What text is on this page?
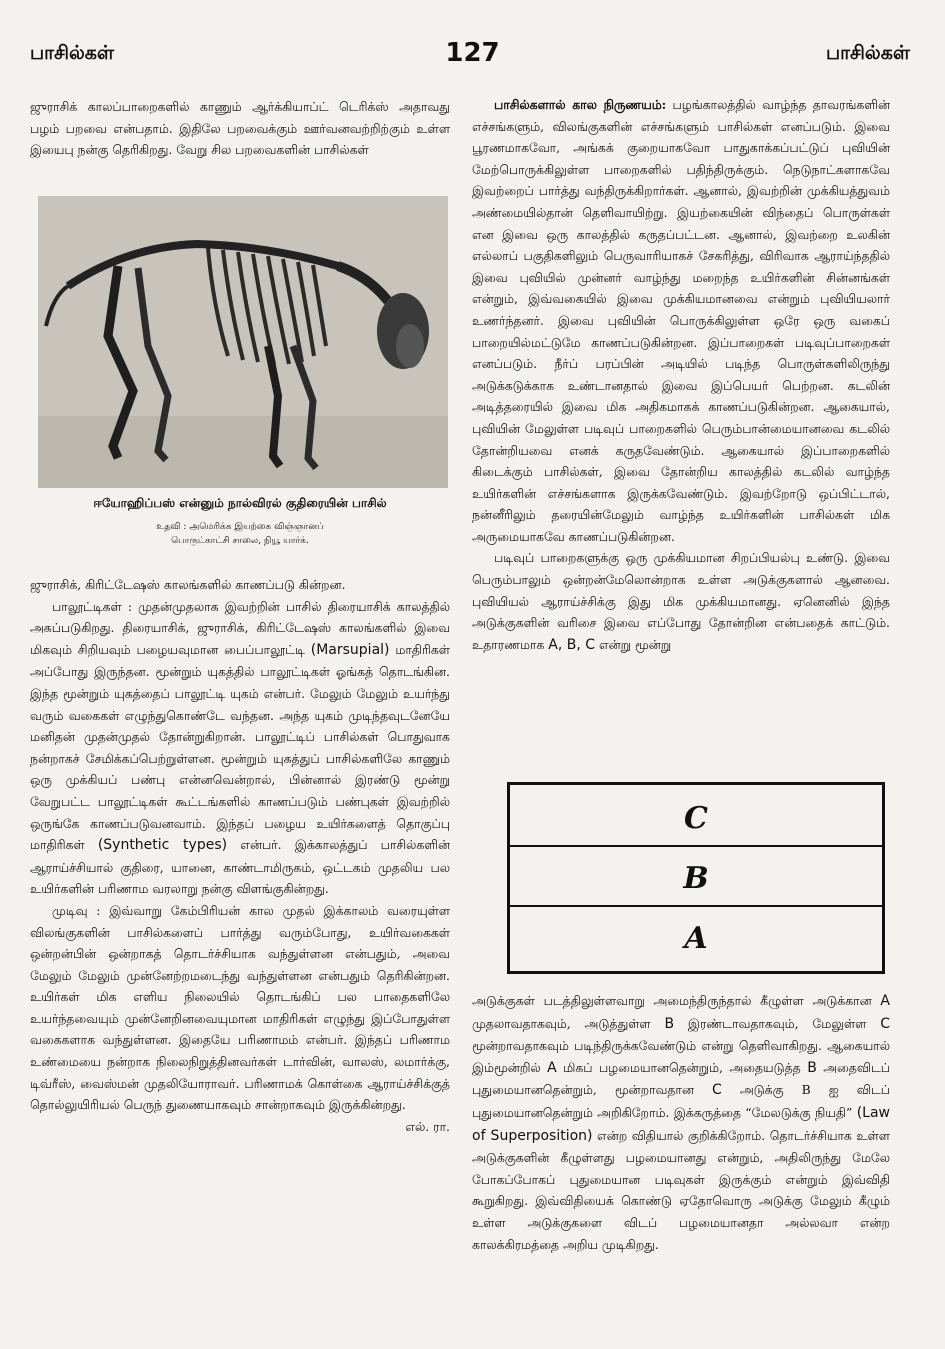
பாசில்கள்	127	பாசில்கள்

ஜுராசிக் காலப்பாறைகளில் காணும் ஆர்க்கியாப்ட் டெரிக்ஸ் அதாவது பழம் பறவை என்பதாம். இதிலே பறவைக்கும் ஊர்வனவற்றிற்கும் உள்ள இயைபு நன்கு தெரிகிறது. வேறு சில பறவைகளின் பாசில்கள்

ஈயோஹிப்பஸ் என்னும் நால்விரல் குதிரையின் பாசில்
உதவி : அமெரிக்க இயற்கை விஞ்ஞானப்
பொருட்காட்சி சாலை, நியூ யார்க்.

ஜுராசிக், கிரிட்டேஷஸ் காலங்களில் காணப்படு கின்றன.

பாலூட்டிகள் : முதன்முதலாக இவற்றின் பாசில் திரையாசிக் காலத்தில் அகப்படுகிறது. திரையாசிக், ஜுராசிக், கிரிட்டேஷஸ் காலங்களில் இவை மிகவும் சிறியவும் பழையவுமான பைப்பாலூட்டி (Marsupial) மாதிரிகள் அப்போது இருந்தன. மூன்றும் யுகத்தில் பாலூட்டிகள் ஓங்கத் தொடங்கின. இந்த மூன்றும் யுகத்தைப் பாலூட்டி யுகம் என்பர். மேலும் மேலும் உயர்ந்து வரும் வகைகள் எழுந்துகொண்டே வந்தன. அந்த யுகம் முடிந்தவுடனேயே மனிதன் முதன்முதல் தோன்றுகிறான். பாலூட்டிப் பாசில்கள் பொதுவாக நன்றாகச் சேமிக்கப்பெற்றுள்ளன. மூன்றும் யுகத்துப் பாசில்களிலே காணும் ஒரு முக்கியப் பண்பு என்னவென்றால், பின்னால் இரண்டு மூன்று வேறுபட்ட பாலூட்டிகள் கூட்டங்களில் காணப்படும் பண்புகள் இவற்றில் ஒருங்கே காணப்படுவனவாம். இந்தப் பழைய உயிர்களைத் தொகுப்பு மாதிரிகள் (Synthetic types) என்பர். இக்காலத்துப் பாசில்களின் ஆராய்ச்சியால் குதிரை, யானை, காண்டாமிருகம், ஒட்டகம் முதலிய பல உயிர்களின் பரிணாம வரலாறு நன்கு விளங்குகின்றது.

முடிவு : இவ்வாறு கேம்பிரியன் கால முதல் இக்காலம் வரையுள்ள விலங்குகளின் பாசில்களைப் பார்த்து வரும்போது, உயிர்வகைகள் ஒன்றன்பின் ஒன்றாகத் தொடர்ச்சியாக வந்துள்ளன என்பதும், அவை மேலும் மேலும் முன்னேற்றமடைந்து வந்துள்ளன என்பதும் தெரிகின்றன. உயிர்கள் மிக எளிய நிலையில் தொடங்கிப் பல பாதைகளிலே உயர்ந்தவையும் முன்னேறினவையுமான மாதிரிகள் எழுந்து இப்போதுள்ள வகைகளாக வந்துள்ளன. இதையே பரிணாமம் என்பர். இந்தப் பரிணாம உண்மையை நன்றாக நிலைநிறுத்தினவர்கள் டார்வின், வாலஸ், லமார்க்கு, டிவ்ரீஸ், வைஸ்மன் முதலியோராவர். பரிணாமக் கொள்கை ஆராய்ச்சிக்குத் தொல்லுயிரியல் பெருந் துணையாகவும் சான்றாகவும் இருக்கின்றது.

எல். ரா.

பாசில்களால் கால நிருணயம்: பழங்காலத்தில் வாழ்ந்த தாவரங்களின் எச்சங்களும், விலங்குகளின் எச்சங்களும் பாசில்கள் எனப்படும். இவை பூரணமாகவோ, அங்கக் குறையாகவோ பாதுகாக்கப்பட்டுப் புவியின் மேற்பொருக்கிலுள்ள பாறைகளில் பதிந்திருக்கும். நெடுநாட்களாகவே இவற்றைப் பார்த்து வந்திருக்கிறார்கள். ஆனால், இவற்றின் முக்கியத்துவம் அண்மையில்தான் தெளிவாயிற்று. இயற்கையின் விந்தைப் பொருள்கள் என இவை ஒரு காலத்தில் கருதப்பட்டன. ஆனால், இவற்றை உலகின் எல்லாப் பகுதிகளிலும் பெருவாரியாகச் சேகரித்து, விரிவாக ஆராய்ந்ததில் இவை புவியில் முன்னர் வாழ்ந்து மறைந்த உயிர்களின் சின்னங்கள் என்றும், இவ்வகையில் இவை முக்கியமானவை என்றும் புவியியலார் உணர்ந்தனர். இவை புவியின் பொருக்கிலுள்ள ஒரே ஒரு வகைப் பாறையில்மட்டுமே காணப்படுகின்றன. இப்பாறைகள் படிவுப்பாறைகள் எனப்படும். நீர்ப் பரப்பின் அடியில் படிந்த பொருள்களிலிருந்து அடுக்கடுக்காக உண்டானதால் இவை இப்பெயர் பெற்றன. கடலின் அடித்தரையில் இவை மிக அதிகமாகக் காணப்படுகின்றன. ஆகையால், புவியின் மேலுள்ள படிவுப் பாறைகளில் பெரும்பான்மையானவை கடலில் தோன்றியவை எனக் கருதவேண்டும். ஆகையால் இப்பாறைகளில் கிடைக்கும் பாசில்கள், இவை தோன்றிய காலத்தில் கடலில் வாழ்ந்த உயிர்களின் எச்சங்களாக இருக்கவேண்டும். இவற்றோடு ஒப்பிட்டால், நன்னீரிலும் தரையின்மேலும் வாழ்ந்த உயிர்களின் பாசில்கள் மிக அருமையாகவே காணப்படுகின்றன.

படிவுப் பாறைகளுக்கு ஒரு முக்கியமான சிறப்பியல்பு உண்டு. இவை பெரும்பாலும் ஒன்றன்மேலொன்றாக உள்ள அடுக்குகளால் ஆனவை. புவியியல் ஆராய்ச்சிக்கு இது மிக முக்கியமானது. ஏனெனில் இந்த அடுக்குகளின் வரிசை இவை எப்போது தோன்றின என்பதைக் காட்டும். உதாரணமாக A, B, C என்று மூன்று

C
B
A

அடுக்குகள் படத்திலுள்ளவாறு அமைந்திருந்தால் கீழுள்ள அடுக்கான A முதலாவதாகவும், அடுத்துள்ள B இரண்டாவதாகவும், மேலுள்ள C மூன்றாவதாகவும் படிந்திருக்கவேண்டும் என்று தெளிவாகிறது. ஆகையால் இம்மூன்றில் A மிகப் பழமையானதென்றும், அதையடுத்த B அதைவிடப் புதுமையானதென்றும், மூன்றாவதான C அடுக்கு B ஐ விடப் புதுமையானதென்றும் அறிகிறோம். இக்கருத்தை “மேலடுக்கு நியதி” (Law of Superposition) என்ற விதியால் குறிக்கிறோம். தொடர்ச்சியாக உள்ள அடுக்குகளின் கீழுள்ளது பழமையானது என்றும், அதிலிருந்து மேலே போகப்போகப் புதுமையான படிவுகள் இருக்கும் என்றும் இவ்விதி கூறுகிறது. இவ்விதியைக் கொண்டு ஏதோவொரு அடுக்கு மேலும் கீழும் உள்ள அடுக்குகளை விடப் பழமையானதா அல்லவா என்ற காலக்கிரமத்தை அறிய முடிகிறது.
